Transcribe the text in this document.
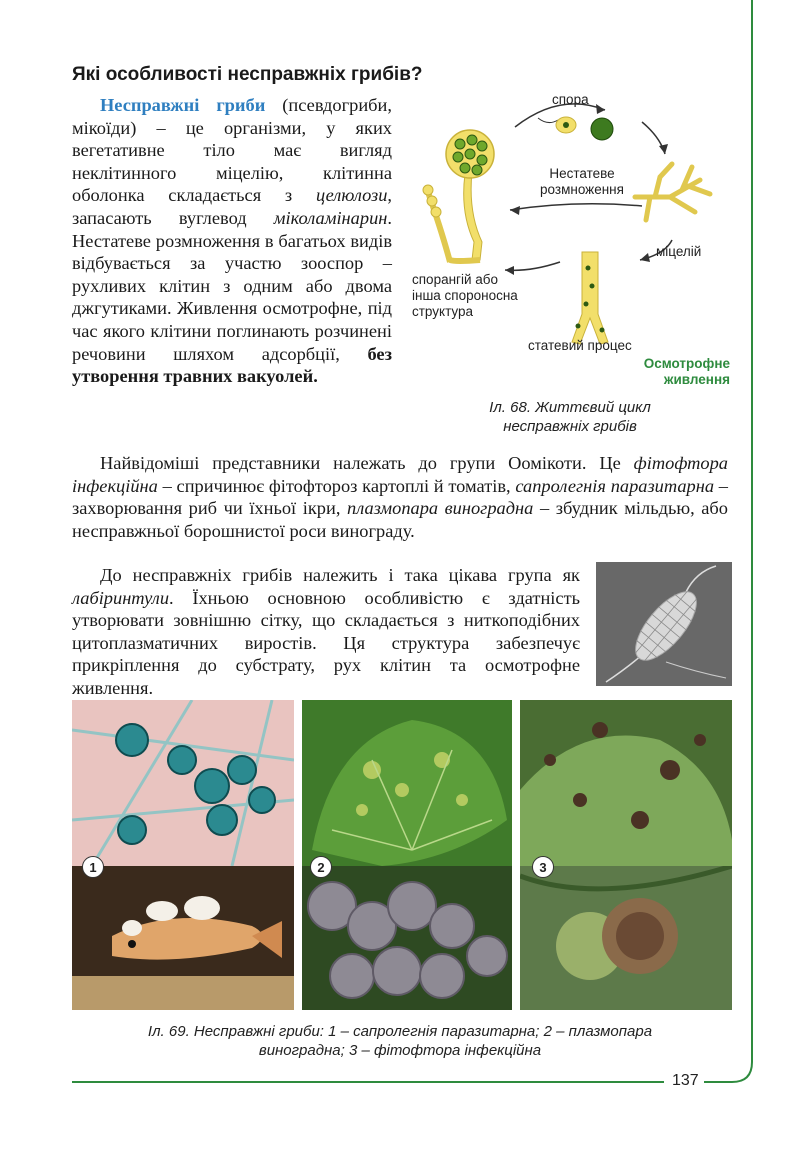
Які особливості несправжніх грибів?
Несправжні гриби (псевдогриби, мікоїди) – це організми, у яких вегетативне тіло має вигляд неклітинного міцелію, клітинна оболонка складається з целюлози, запасають вуглевод міколамінарин. Нестатеве розмноження в багатьох видів відбувається за участю зооспор – рухливих клітин з одним або двома джгутиками. Живлення осмотрофне, під час якого клітини поглинають розчинені речовини шляхом адсорбції, без утворення травних вакуолей.
спора
Нестатеве
розмноження
міцелій
спорангій або
інша спороносна
структура
статевий процес
Осмотрофне
живлення
Іл. 68. Життєвий цикл
несправжніх грибів
Найвідоміші представники належать до групи Оомікоти. Це фітофтора інфекційна – спричинює фітофтороз картоплі й томатів, сапролегнія паразитарна – захворювання риб чи їхньої ікри, плазмопара виноградна – збудник мільдью, або несправжньої борошнистої роси винограду.
До несправжніх грибів належить і така цікава група як лабіринтули. Їхньою основною особливістю є здатність утворювати зовнішню сітку, що складається з ниткоподібних цитоплазматичних виростів. Ця структура забезпечує прикріплення до субстрату, рух клітин та осмотрофне живлення.
1	2	3
Іл. 69. Несправжні гриби: 1 – сапролегнія паразитарна; 2 – плазмопара
виноградна; 3 – фітофтора інфекційна
137
